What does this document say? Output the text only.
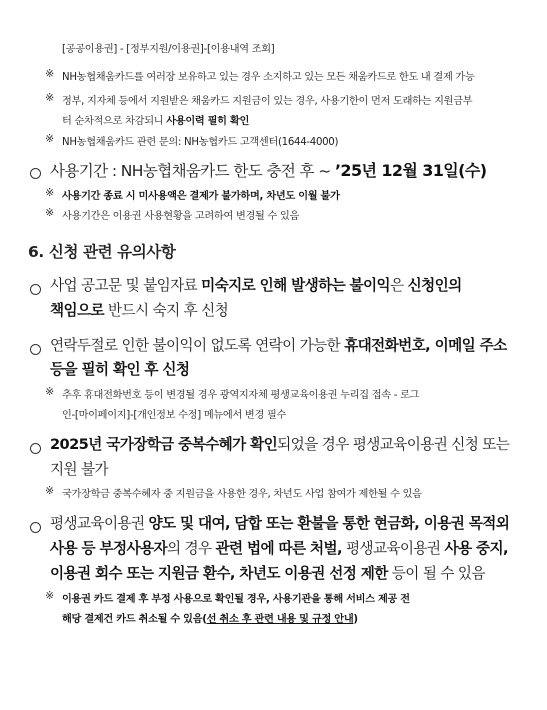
[공공이용권] - [정부지원/이용권]-[이용내역 조회]
※ NH농협채움카드를 여러장 보유하고 있는 경우 소지하고 있는 모든 채움카드로 한도 내 결제 가능
※ 정부, 지자체 등에서 지원받은 채움카드 지원금이 있는 경우, 사용기한이 먼저 도래하는 지원금부
터 순차적으로 차감되니 사용이력 필히 확인
※ NH농협채움카드 관련 문의: NH농협카드 고객센터(1644-4000)
사용기간 : NH농협채움카드 한도 충전 후 ~ ’25년 12월 31일(수)
※ 사용기간 종료 시 미사용액은 결제가 불가하며, 차년도 이월 불가
※ 사용기간은 이용권 사용현황을 고려하여 변경될 수 있음
6. 신청 관련 유의사항
사업 공고문 및 붙임자료 미숙지로 인해 발생하는 불이익은 신청인의
책임으로 반드시 숙지 후 신청
연락두절로 인한 불이익이 없도록 연락이 가능한 휴대전화번호, 이메일 주소
등을 필히 확인 후 신청
※ 추후 휴대전화번호 등이 변경될 경우 광역지자체 평생교육이용권 누리집 접속 - 로그
인-[마이페이지]-[개인정보 수정] 메뉴에서 변경 필수
2025년 국가장학금 중복수혜가 확인되었을 경우 평생교육이용권 신청 또는
지원 불가
※ 국가장학금 중복수혜자 중 지원금을 사용한 경우, 차년도 사업 참여가 제한될 수 있음
평생교육이용권 양도 및 대여, 담합 또는 환불을 통한 현금화, 이용권 목적외
사용 등 부정사용자의 경우 관련 법에 따른 처벌, 평생교육이용권 사용 중지,
이용권 회수 또는 지원금 환수, 차년도 이용권 선정 제한 등이 될 수 있음
※ 이용권 카드 결제 후 부정 사용으로 확인될 경우, 사용기관을 통해 서비스 제공 전
해당 결제건 카드 취소될 수 있음(선 취소 후 관련 내용 및 규정 안내)
